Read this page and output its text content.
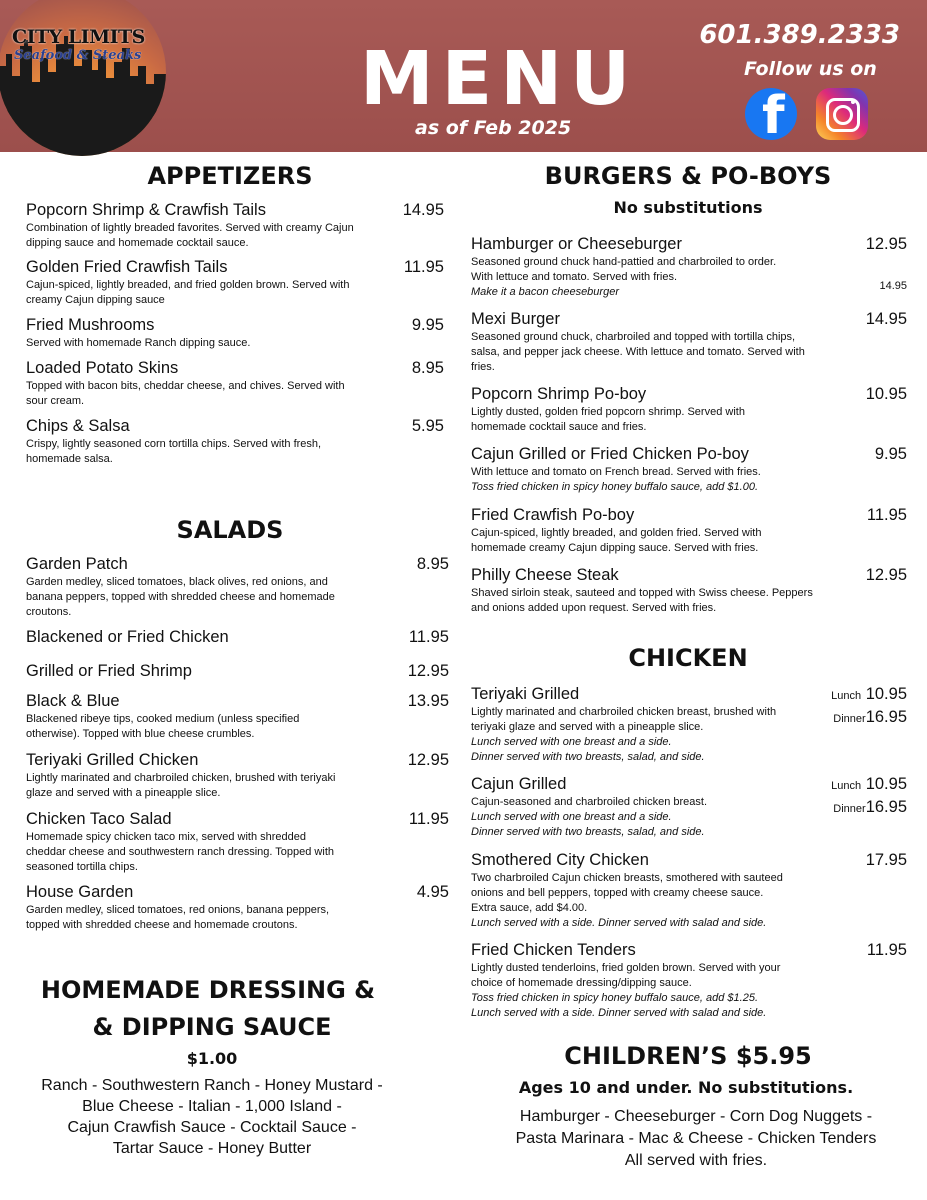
CITY LIMITS
Seafood & Steaks	MENU
as of Feb 2025
601.389.2333
Follow us on
f
APPETIZERS
Popcorn Shrimp & Crawfish Tails	14.95
Combination of lightly breaded favorites. Served with creamy Cajun dipping sauce and homemade cocktail sauce.
Golden Fried Crawfish Tails	11.95
Cajun-spiced, lightly breaded, and fried golden brown. Served with creamy Cajun dipping sauce
Fried Mushrooms	9.95
Served with homemade Ranch dipping sauce.
Loaded Potato Skins	8.95
Topped with bacon bits, cheddar cheese, and chives. Served with sour cream.
Chips & Salsa	5.95
Crispy, lightly seasoned corn tortilla chips. Served with fresh, homemade salsa.
SALADS
Garden Patch	8.95
Garden medley, sliced tomatoes, black olives, red onions, and banana peppers, topped with shredded cheese and homemade croutons.
Blackened or Fried Chicken	11.95
Grilled or Fried Shrimp	12.95
Black & Blue	13.95
Blackened ribeye tips, cooked medium (unless specified otherwise). Topped with blue cheese crumbles.
Teriyaki Grilled Chicken	12.95
Lightly marinated and charbroiled chicken, brushed with teriyaki glaze and served with a pineapple slice.
Chicken Taco Salad	11.95
Homemade spicy chicken taco mix, served with shredded cheddar cheese and southwestern ranch dressing. Topped with seasoned tortilla chips.
House Garden	4.95
Garden medley, sliced tomatoes, red onions, banana peppers, topped with shredded cheese and homemade croutons.
HOMEMADE DRESSING &
& DIPPING SAUCE
$1.00
Ranch - Southwestern Ranch - Honey Mustard -
Blue Cheese - Italian - 1,000 Island -
Cajun Crawfish Sauce - Cocktail Sauce -
Tartar Sauce - Honey Butter
BURGERS & PO-BOYS
No substitutions
Hamburger or Cheeseburger	12.95
Seasoned ground chuck hand-pattied and charbroiled to order. With lettuce and tomato. Served with fries.
Make it a bacon cheeseburger	14.95
Mexi Burger	14.95
Seasoned ground chuck, charbroiled and topped with tortilla chips, salsa, and pepper jack cheese. With lettuce and tomato. Served with fries.
Popcorn Shrimp Po-boy	10.95
Lightly dusted, golden fried popcorn shrimp. Served with homemade cocktail sauce and fries.
Cajun Grilled or Fried Chicken Po-boy	9.95
With lettuce and tomato on French bread. Served with fries.
Toss fried chicken in spicy honey buffalo sauce, add $1.00.
Fried Crawfish Po-boy	11.95
Cajun-spiced, lightly breaded, and golden fried. Served with homemade creamy Cajun dipping sauce. Served with fries.
Philly Cheese Steak	12.95
Shaved sirloin steak, sauteed and topped with Swiss cheese. Peppers and onions added upon request. Served with fries.
CHICKEN
Teriyaki Grilled	Lunch 10.95
Dinner16.95
Lightly marinated and charbroiled chicken breast, brushed with teriyaki glaze and served with a pineapple slice.
Lunch served with one breast and a side.
Dinner served with two breasts, salad, and side.
Cajun Grilled	Lunch 10.95
Dinner16.95
Cajun-seasoned and charbroiled chicken breast.
Lunch served with one breast and a side.
Dinner served with two breasts, salad, and side.
Smothered City Chicken	17.95
Two charbroiled Cajun chicken breasts, smothered with sauteed onions and bell peppers, topped with creamy cheese sauce. Extra sauce, add $4.00.
Lunch served with a side. Dinner served with salad and side.
Fried Chicken Tenders	11.95
Lightly dusted tenderloins, fried golden brown. Served with your choice of homemade dressing/dipping sauce.
Toss fried chicken in spicy honey buffalo sauce, add $1.25.
Lunch served with a side. Dinner served with salad and side.
CHILDREN’S $5.95
Ages 10 and under. No substitutions.
Hamburger - Cheeseburger - Corn Dog Nuggets -
Pasta Marinara - Mac & Cheese - Chicken Tenders
All served with fries.
